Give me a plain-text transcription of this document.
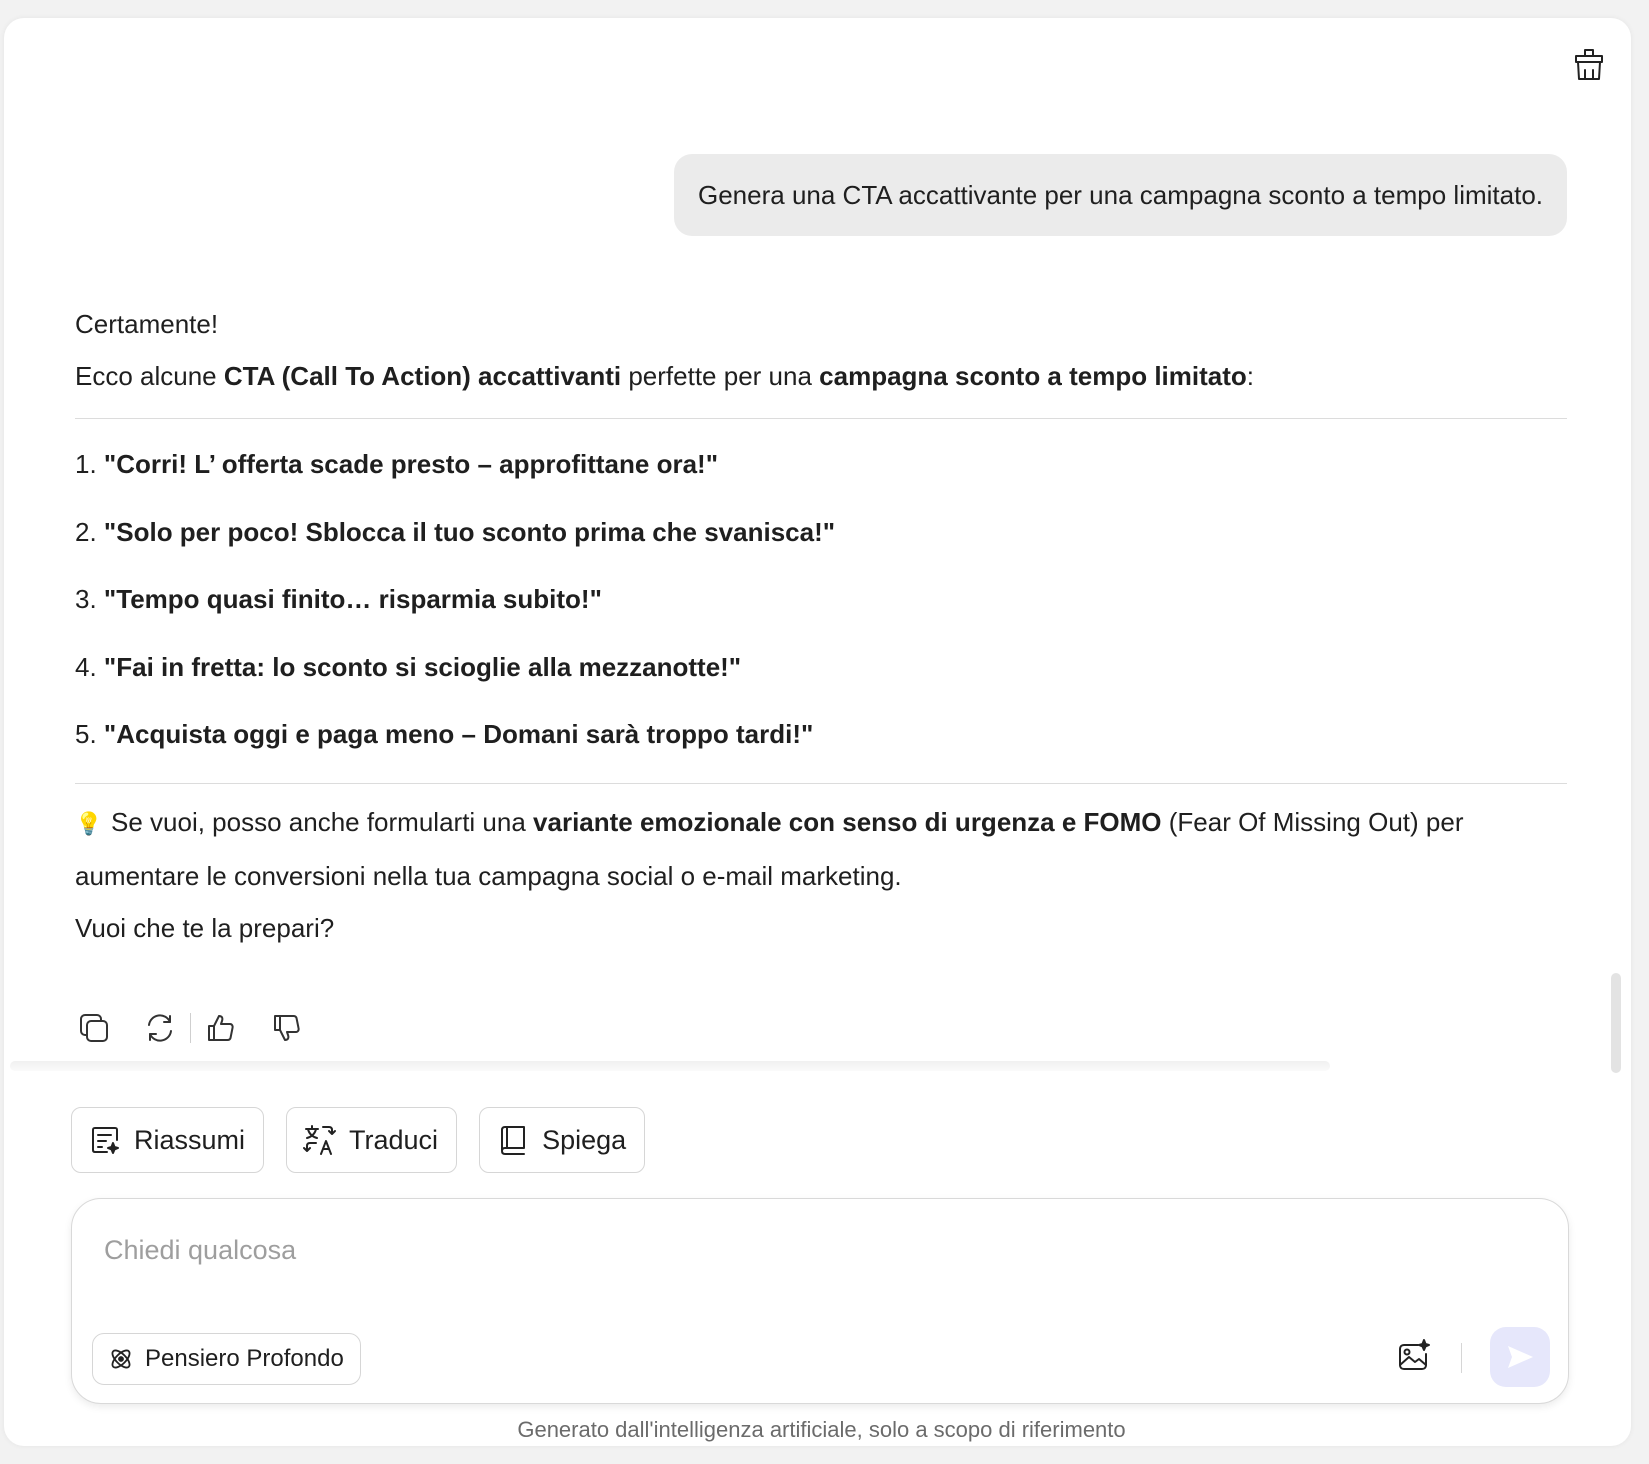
Genera una CTA accattivante per una campagna sconto a tempo limitato.

Certamente!

Ecco alcune CTA (Call To Action) accattivanti perfette per una campagna sconto a tempo limitato:

1. "Corri! L’ offerta scade presto – approfittane ora!"
2. "Solo per poco! Sblocca il tuo sconto prima che svanisca!"
3. "Tempo quasi finito… risparmia subito!"
4. "Fai in fretta: lo sconto si scioglie alla mezzanotte!"
5. "Acquista oggi e paga meno – Domani sarà troppo tardi!"

💡 Se vuoi, posso anche formularti una variante emozionale con senso di urgenza e FOMO (Fear Of Missing Out) per aumentare le conversioni nella tua campagna social o e-mail marketing.

Vuoi che te la prepari?

Riassumi	Traduci	Spiega
Chiedi qualcosa
Pensiero Profondo
Generato dall'intelligenza artificiale, solo a scopo di riferimento
